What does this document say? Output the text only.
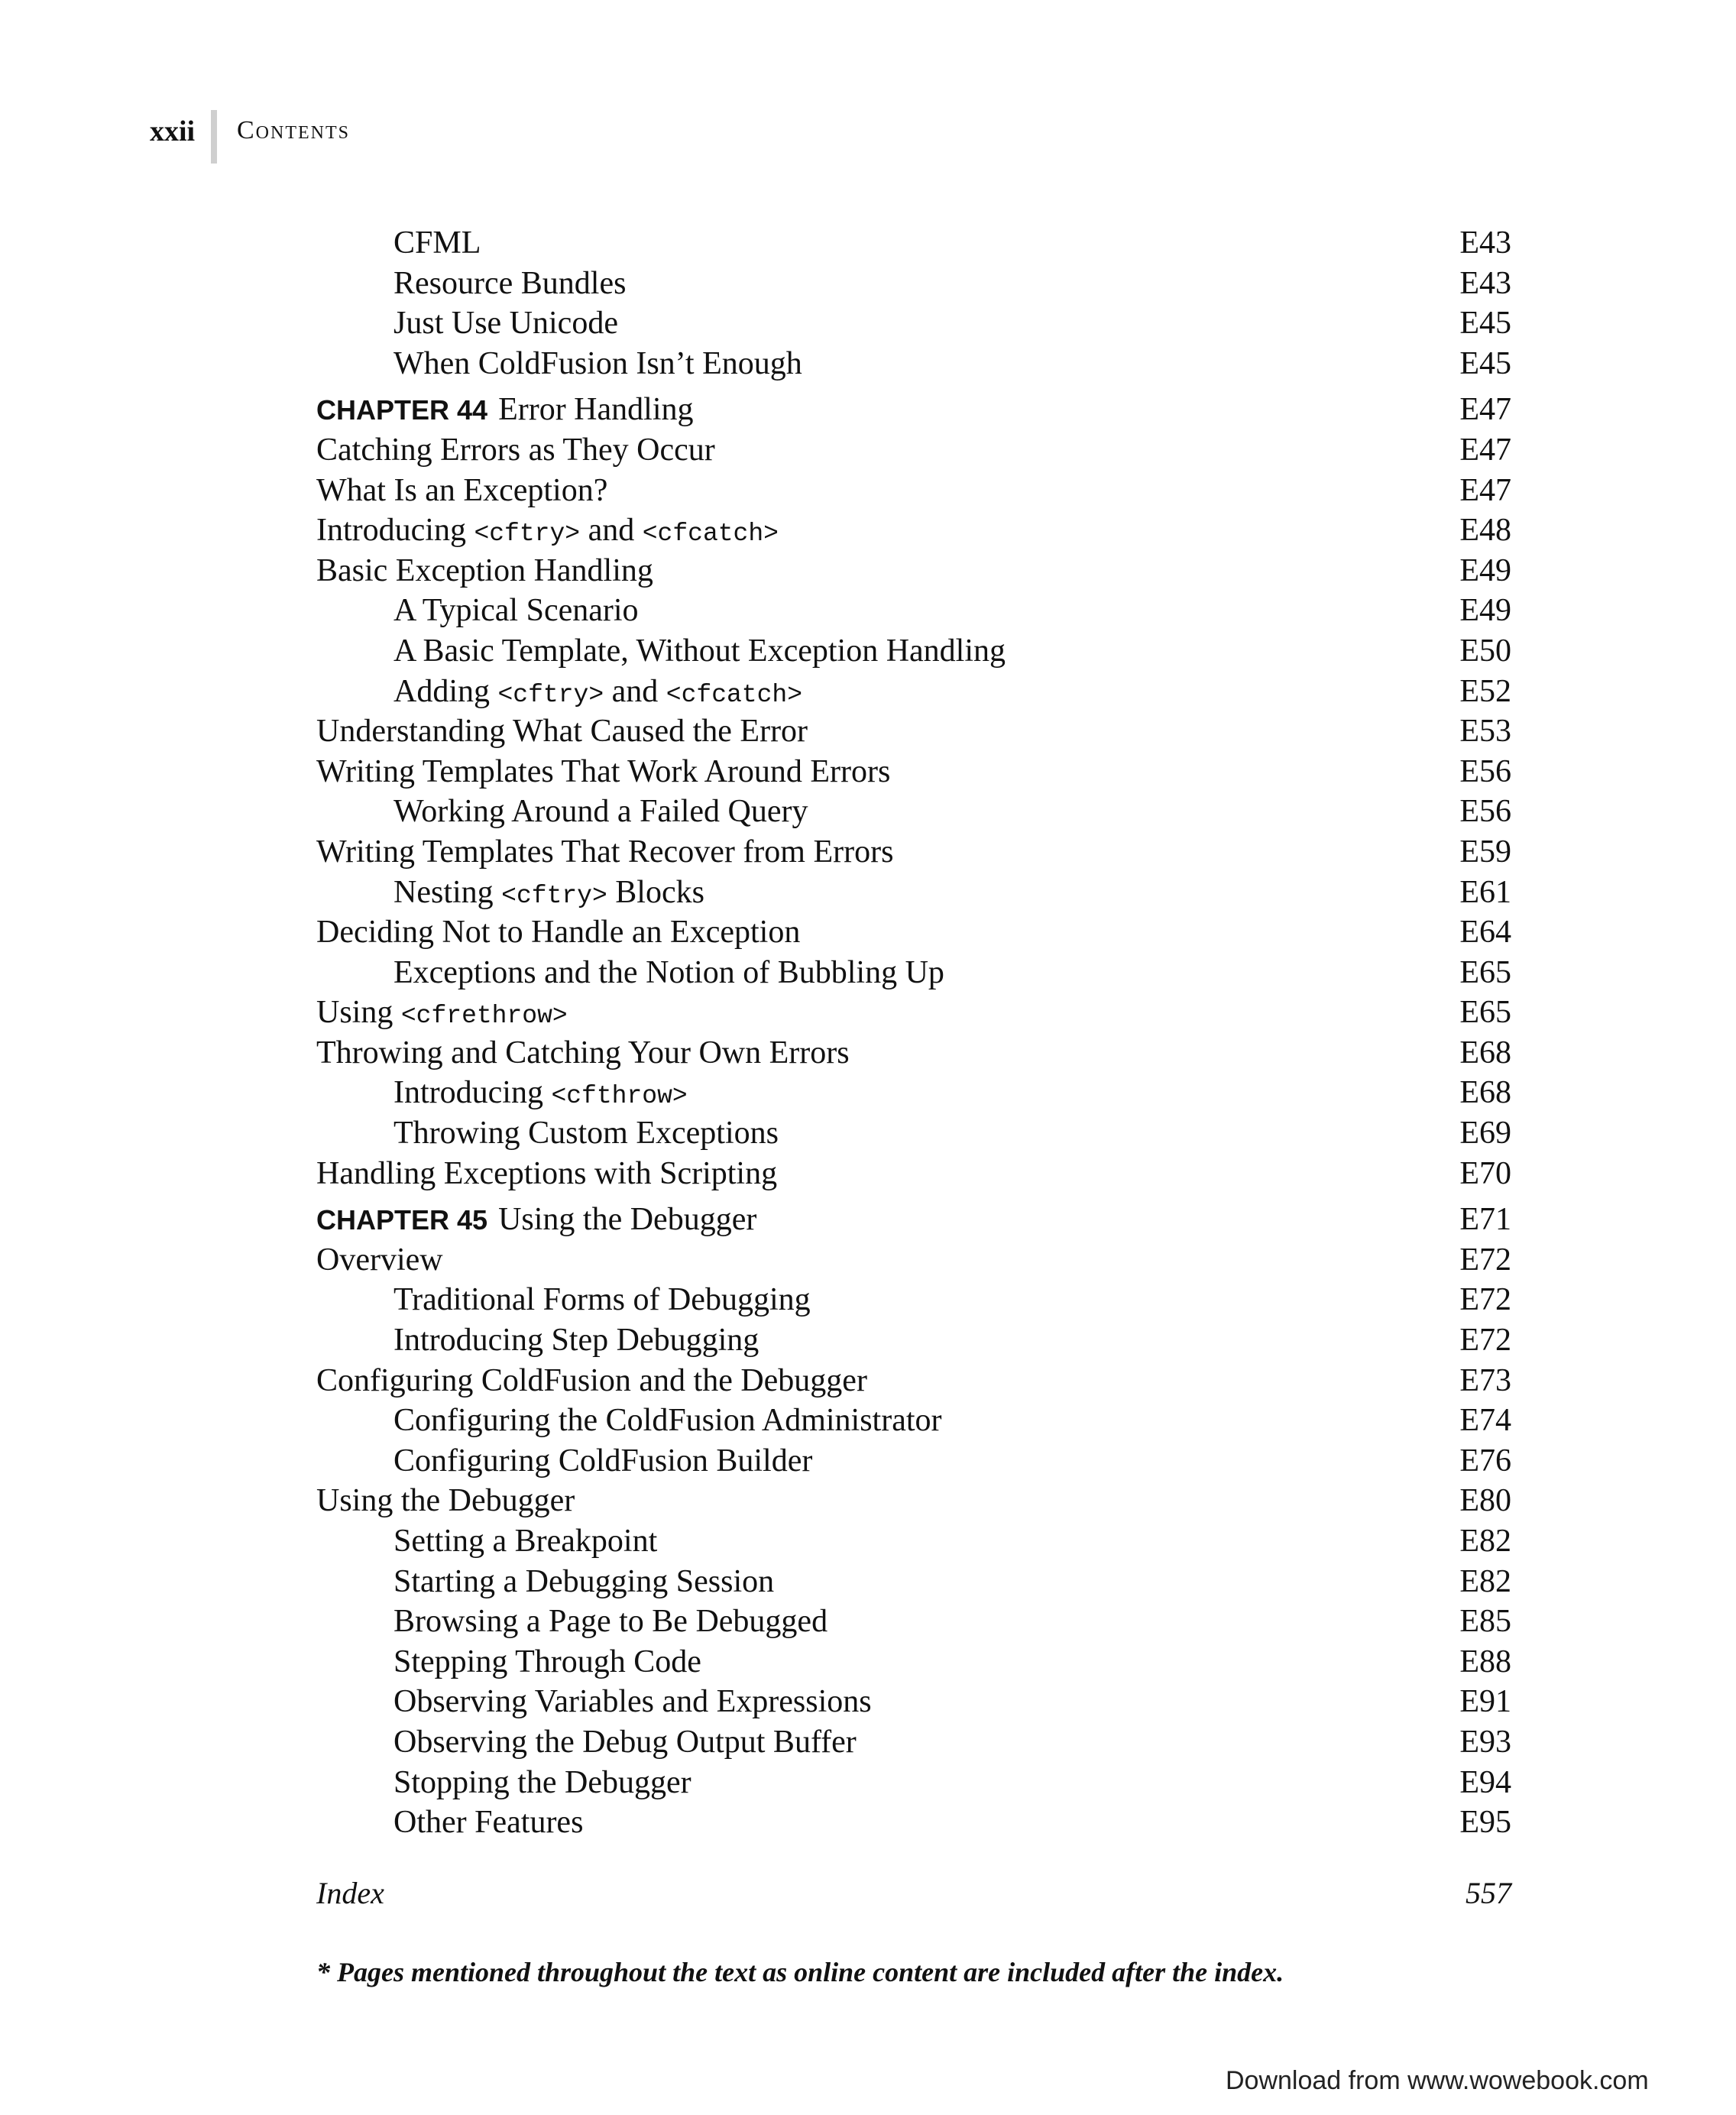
xxii Contents
CFML	E43
Resource Bundles	E43
Just Use Unicode	E45
When ColdFusion Isn’t Enough	E45
CHAPTER 44 Error Handling	E47
Catching Errors as They Occur	E47
What Is an Exception?	E47
Introducing <cftry> and <cfcatch>	E48
Basic Exception Handling	E49
A Typical Scenario	E49
A Basic Template, Without Exception Handling	E50
Adding <cftry> and <cfcatch>	E52
Understanding What Caused the Error	E53
Writing Templates That Work Around Errors	E56
Working Around a Failed Query	E56
Writing Templates That Recover from Errors	E59
Nesting <cftry> Blocks	E61
Deciding Not to Handle an Exception	E64
Exceptions and the Notion of Bubbling Up	E65
Using <cfrethrow>	E65
Throwing and Catching Your Own Errors	E68
Introducing <cfthrow>	E68
Throwing Custom Exceptions	E69
Handling Exceptions with Scripting	E70
CHAPTER 45 Using the Debugger	E71
Overview	E72
Traditional Forms of Debugging	E72
Introducing Step Debugging	E72
Configuring ColdFusion and the Debugger	E73
Configuring the ColdFusion Administrator	E74
Configuring ColdFusion Builder	E76
Using the Debugger	E80
Setting a Breakpoint	E82
Starting a Debugging Session	E82
Browsing a Page to Be Debugged	E85
Stepping Through Code	E88
Observing Variables and Expressions	E91
Observing the Debug Output Buffer	E93
Stopping the Debugger	E94
Other Features	E95
Index	557
* Pages mentioned throughout the text as online content are included after the index.
Download from www.wowebook.com
